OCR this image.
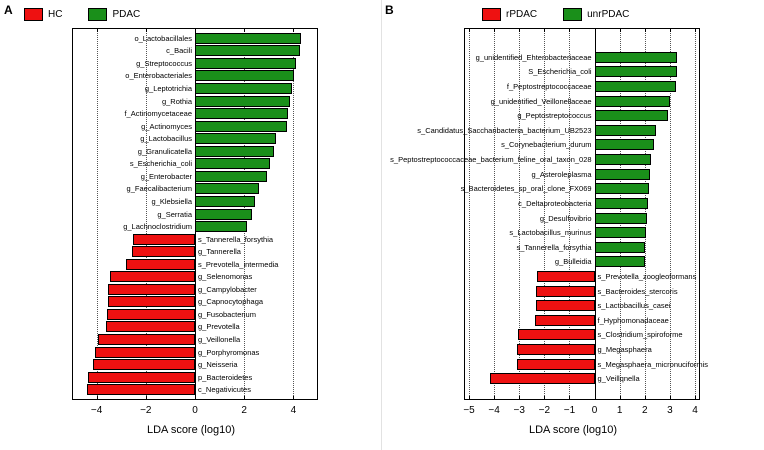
A	HC	PDAC
−4	−2	0	2	4
o_Lactobacillales
c_Bacili
g_Streptococcus
o_Enterobacteriales
g_Leptotrichia
g_Rothia
f_Actinomycetaceae
g_Actinomyces
g_Lactobacillus
g_Granulicatella
s_Escherichia_coli
g_Enterobacter
g_Faecalibacterium
g_Klebsiella
g_Serratia
g_Lachnoclostridium
s_Tannerella_forsythia
g_Tannerella
s_Prevotella_intermedia
g_Selenomonas
g_Campylobacter
g_Capnocytophaga
g_Fusobacterium
g_Prevotella
g_Veillonella
g_Porphyromonas
g_Neisseria
p_Bacteroidetes
c_Negativicutes
LDA score (log10)
B	rPDAC	unrPDAC
−5 −4 −3 −2 −1 0 1 2 3 4
g_unidentified_Ehterobacteriaceae
S_Escherichia_coli
f_Peptostreptococcaceae
g_unidentified_Veillonellaceae
g_Peptostreptococcus
s_Candidatus_Saccharibacteria_bacterium_UB2523
s_Corynebacterium_durum
s_Peptostreptococcaceae_bacterium_feline_oral_taxon_028
g_Asteroleplasma
s_Bacteroidetes_sp_oral_clone_FX069
c_Deltaproteobacteria
g_Desulfovibrio
s_Lactobacillus_murinus
s_Tannerella_forsythia
g_Bulleidia
s_Prevotella_zoogleoformans
s_Bacteroides_stercoris
s_Lactobacillus_casei
f_Hyphomonadaceae
s_Clostridium_spiroforme
g_Megasphaera
s_Megasphaera_micronuciformis
g_Veillqnella
LDA score (log10)
